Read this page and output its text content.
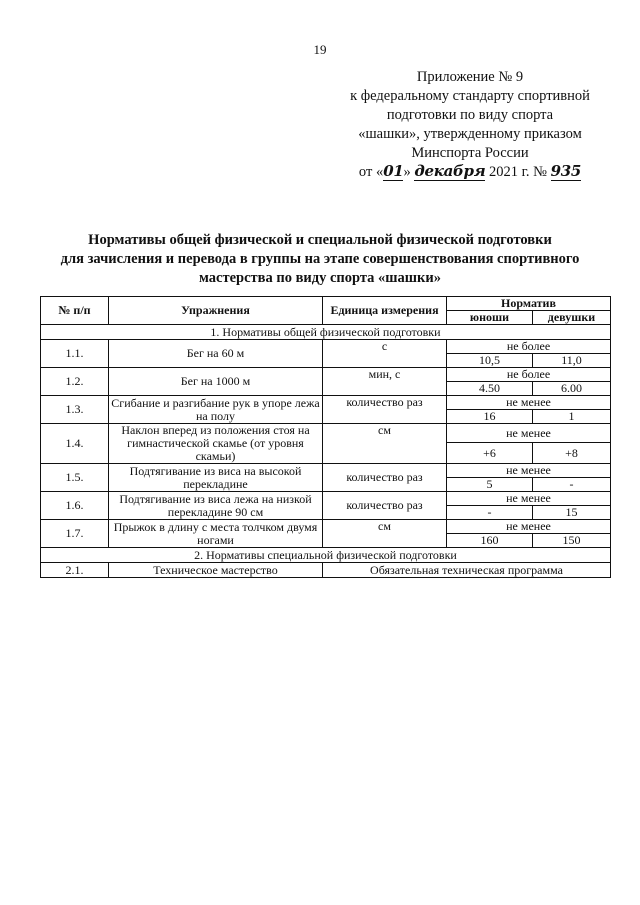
19
Приложение № 9
к федеральному стандарту спортивной
подготовки по виду спорта
«шашки», утвержденному приказом
Минспорта России
от «01» декабря 2021 г. № 935
Нормативы общей физической и специальной физической подготовки
для зачисления и перевода в группы на этапе совершенствования спортивного
мастерства по виду спорта «шашки»
№ п/п	Упражнения	Единица измерения	Норматив	
			юноши	девушки
1. Нормативы общей физической подготовки				
1.1.	Бег на 60 м	с	не более	
			10,5	11,0
1.2.	Бег на 1000 м	мин, с	не более	
			4.50	6.00
1.3.	Сгибание и разгибание рук в упоре лежа на полу	количество раз	не менее	
			16	1
1.4.	Наклон вперед из положения стоя на гимнастической скамье (от уровня скамьи)	см	не менее	
			+6	+8
1.5.	Подтягивание из виса на высокой перекладине	количество раз	не менее	
			5	-
1.6.	Подтягивание из виса лежа на низкой перекладине 90 см	количество раз	не менее	
			-	15
1.7.	Прыжок в длину с места толчком двумя ногами	см	не менее	
			160	150
2. Нормативы специальной физической подготовки				
2.1.	Техническое мастерство	Обязательная техническая программа		
